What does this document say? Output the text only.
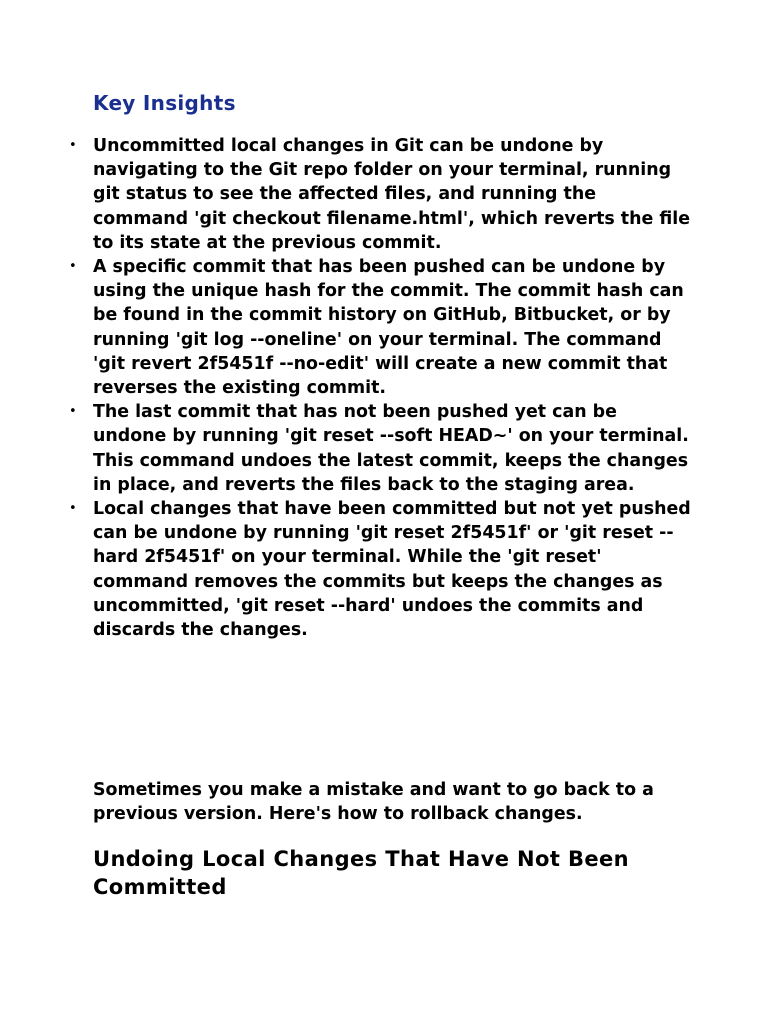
Key Insights
• Uncommitted local changes in Git can be undone by navigating to the Git repo folder on your terminal, running git status to see the affected files, and running the command 'git checkout filename.html', which reverts the file to its state at the previous commit.
• A specific commit that has been pushed can be undone by using the unique hash for the commit. The commit hash can be found in the commit history on GitHub, Bitbucket, or by running 'git log --oneline' on your terminal. The command 'git revert 2f5451f --no-edit' will create a new commit that reverses the existing commit.
• The last commit that has not been pushed yet can be undone by running 'git reset --soft HEAD~' on your terminal. This command undoes the latest commit, keeps the changes in place, and reverts the files back to the staging area.
• Local changes that have been committed but not yet pushed can be undone by running 'git reset 2f5451f' or 'git reset --hard 2f5451f' on your terminal. While the 'git reset' command removes the commits but keeps the changes as uncommitted, 'git reset --hard' undoes the commits and discards the changes.

Sometimes you make a mistake and want to go back to a previous version. Here's how to rollback changes.

Undoing Local Changes That Have Not Been Committed
